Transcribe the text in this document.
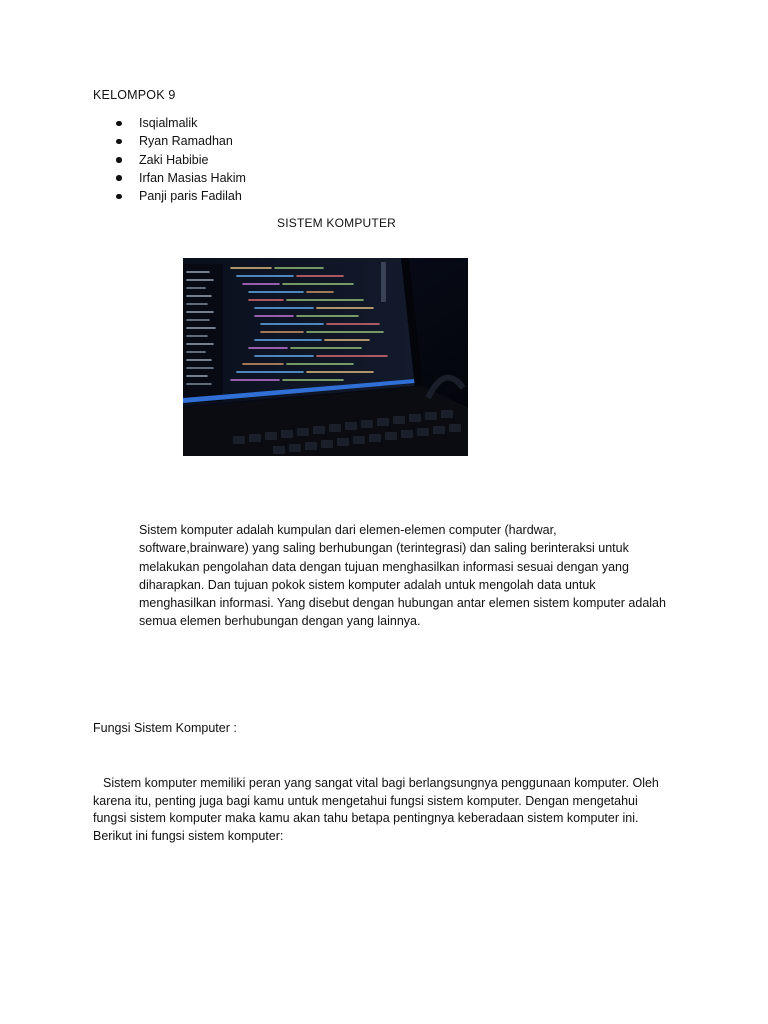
KELOMPOK 9

Isqialmalik
Ryan Ramadhan
Zaki Habibie
Irfan Masias Hakim
Panji paris Fadilah

SISTEM KOMPUTER

Sistem komputer adalah kumpulan dari elemen-elemen computer (hardwar, software,brainware) yang saling berhubungan (terintegrasi) dan saling berinteraksi untuk melakukan pengolahan data dengan tujuan menghasilkan informasi sesuai dengan yang diharapkan. Dan tujuan pokok sistem komputer adalah untuk mengolah data untuk menghasilkan informasi. Yang disebut dengan hubungan antar elemen sistem komputer adalah semua elemen berhubungan dengan yang lainnya.

Fungsi Sistem Komputer :

Sistem komputer memiliki peran yang sangat vital bagi berlangsungnya penggunaan komputer. Oleh karena itu, penting juga bagi kamu untuk mengetahui fungsi sistem komputer. Dengan mengetahui fungsi sistem komputer maka kamu akan tahu betapa pentingnya keberadaan sistem komputer ini. Berikut ini fungsi sistem komputer:
